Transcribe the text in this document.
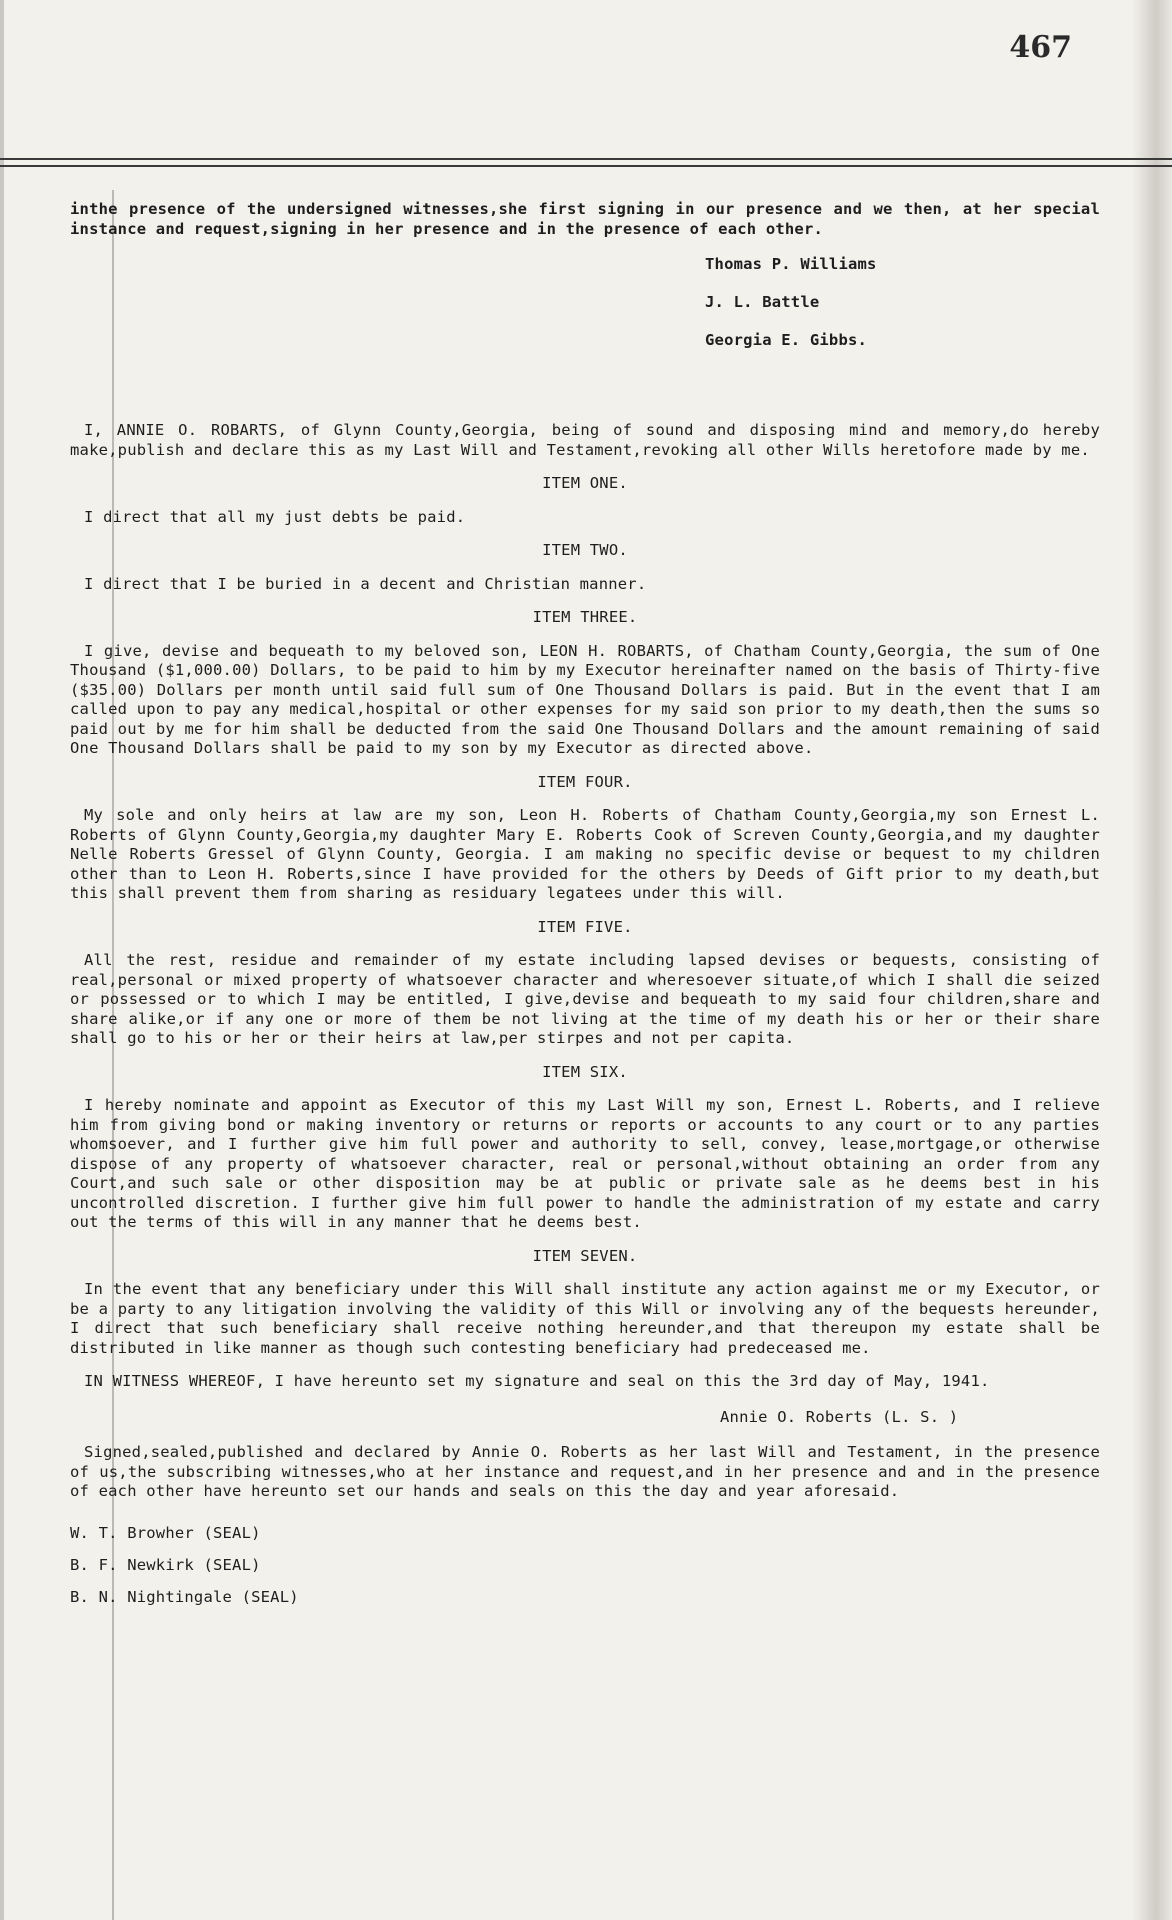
467

inthe presence of the undersigned witnesses,she first signing in our presence and we then, at her special instance and request,signing in her presence and in the presence of each other.

Thomas P. Williams
J. L. Battle
Georgia E. Gibbs.

I, ANNIE O. ROBARTS, of Glynn County,Georgia, being of sound and disposing mind and memory,do hereby make,publish and declare this as my Last Will and Testament,revoking all other Wills heretofore made by me.

ITEM ONE.

I direct that all my just debts be paid.

ITEM TWO.

I direct that I be buried in a decent and Christian manner.

ITEM THREE.

I give, devise and bequeath to my beloved son, LEON H. ROBARTS, of Chatham County,Georgia, the sum of One Thousand ($1,000.00) Dollars, to be paid to him by my Executor hereinafter named on the basis of Thirty-five ($35.00) Dollars per month until said full sum of One Thousand Dollars is paid. But in the event that I am called upon to pay any medical,hospital or other expenses for my said son prior to my death,then the sums so paid out by me for him shall be deducted from the said One Thousand Dollars and the amount remaining of said One Thousand Dollars shall be paid to my son by my Executor as directed above.

ITEM FOUR.

My sole and only heirs at law are my son, Leon H. Roberts of Chatham County,Georgia,my son Ernest L. Roberts of Glynn County,Georgia,my daughter Mary E. Roberts Cook of Screven County,Georgia,and my daughter Nelle Roberts Gressel of Glynn County, Georgia. I am making no specific devise or bequest to my children other than to Leon H. Roberts,since I have provided for the others by Deeds of Gift prior to my death,but this shall prevent them from sharing as residuary legatees under this will.

ITEM FIVE.

All the rest, residue and remainder of my estate including lapsed devises or bequests, consisting of real,personal or mixed property of whatsoever character and wheresoever situate,of which I shall die seized or possessed or to which I may be entitled, I give,devise and bequeath to my said four children,share and share alike,or if any one or more of them be not living at the time of my death his or her or their share shall go to his or her or their heirs at law,per stirpes and not per capita.

ITEM SIX.

I hereby nominate and appoint as Executor of this my Last Will my son, Ernest L. Roberts, and I relieve him from giving bond or making inventory or returns or reports or accounts to any court or to any parties whomsoever, and I further give him full power and authority to sell, convey, lease,mortgage,or otherwise dispose of any property of whatsoever character, real or personal,without obtaining an order from any Court,and such sale or other disposition may be at public or private sale as he deems best in his uncontrolled discretion. I further give him full power to handle the administration of my estate and carry out the terms of this will in any manner that he deems best.

ITEM SEVEN.

In the event that any beneficiary under this Will shall institute any action against me or my Executor, or be a party to any litigation involving the validity of this Will or involving any of the bequests hereunder, I direct that such beneficiary shall receive nothing hereunder,and that thereupon my estate shall be distributed in like manner as though such contesting beneficiary had predeceased me.

IN WITNESS WHEREOF, I have hereunto set my signature and seal on this the 3rd day of May, 1941.

Annie O. Roberts (L. S. )

Signed,sealed,published and declared by Annie O. Roberts as her last Will and Testament, in the presence of us,the subscribing witnesses,who at her instance and request,and in her presence and and in the presence of each other have hereunto set our hands and seals on this the day and year aforesaid.

W. T. Browher (SEAL)
B. F. Newkirk (SEAL)
B. N. Nightingale (SEAL)
